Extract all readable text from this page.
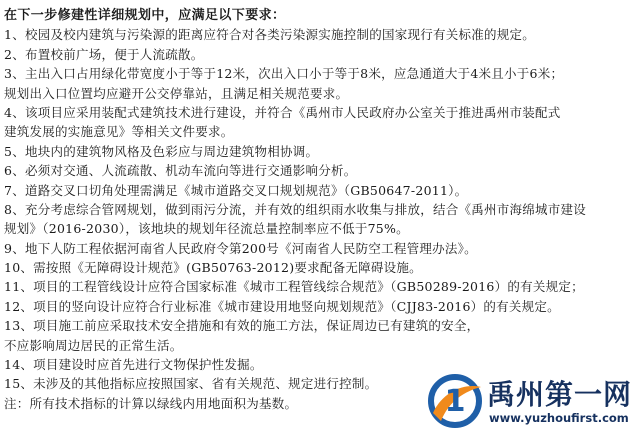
在下一步修建性详细规划中，应满足以下要求：
1、校园及校内建筑与污染源的距离应符合对各类污染源实施控制的国家现行有关标准的规定。
2、布置校前广场，便于人流疏散。
3、主出入口占用绿化带宽度小于等于12米，次出入口小于等于8米，应急通道大于4米且小于6米；
规划出入口位置均应避开公交停靠站，且满足相关规范要求。
4、该项目应采用装配式建筑技术进行建设，并符合《禹州市人民政府办公室关于推进禹州市装配式
建筑发展的实施意见》等相关文件要求。
5、地块内的建筑物风格及色彩应与周边建筑物相协调。
6、必须对交通、人流疏散、机动车流向等进行交通影响分析。
7、道路交叉口切角处理需满足《城市道路交叉口规划规范》（GB50647-2011）。
8、充分考虑综合管网规划，做到雨污分流，并有效的组织雨水收集与排放，结合《禹州市海绵城市建设
规划》（2016-2030），该地块的规划年径流总量控制率应不低于75%。
9、地下人防工程依据河南省人民政府令第200号《河南省人民防空工程管理办法》。
10、需按照《无障碍设计规范》(GB50763-2012)要求配备无障碍设施。
11、项目的工程管线设计应符合国家标准《城市工程管线综合规范》（GB50289-2016）的有关规定；
12、项目的竖向设计应符合行业标准《城市建设用地竖向规划规范》（CJJ83-2016）的有关规定。
13、项目施工前应采取技术安全措施和有效的施工方法，保证周边已有建筑的安全，
不应影响周边居民的正常生活。
14、项目建设时应首先进行文物保护性发掘。
15、未涉及的其他指标应按照国家、省有关规范、规定进行控制。
注：所有技术指标的计算以绿线内用地面积为基数。	1 禹州第一网
www.yuzhoufirst.com
